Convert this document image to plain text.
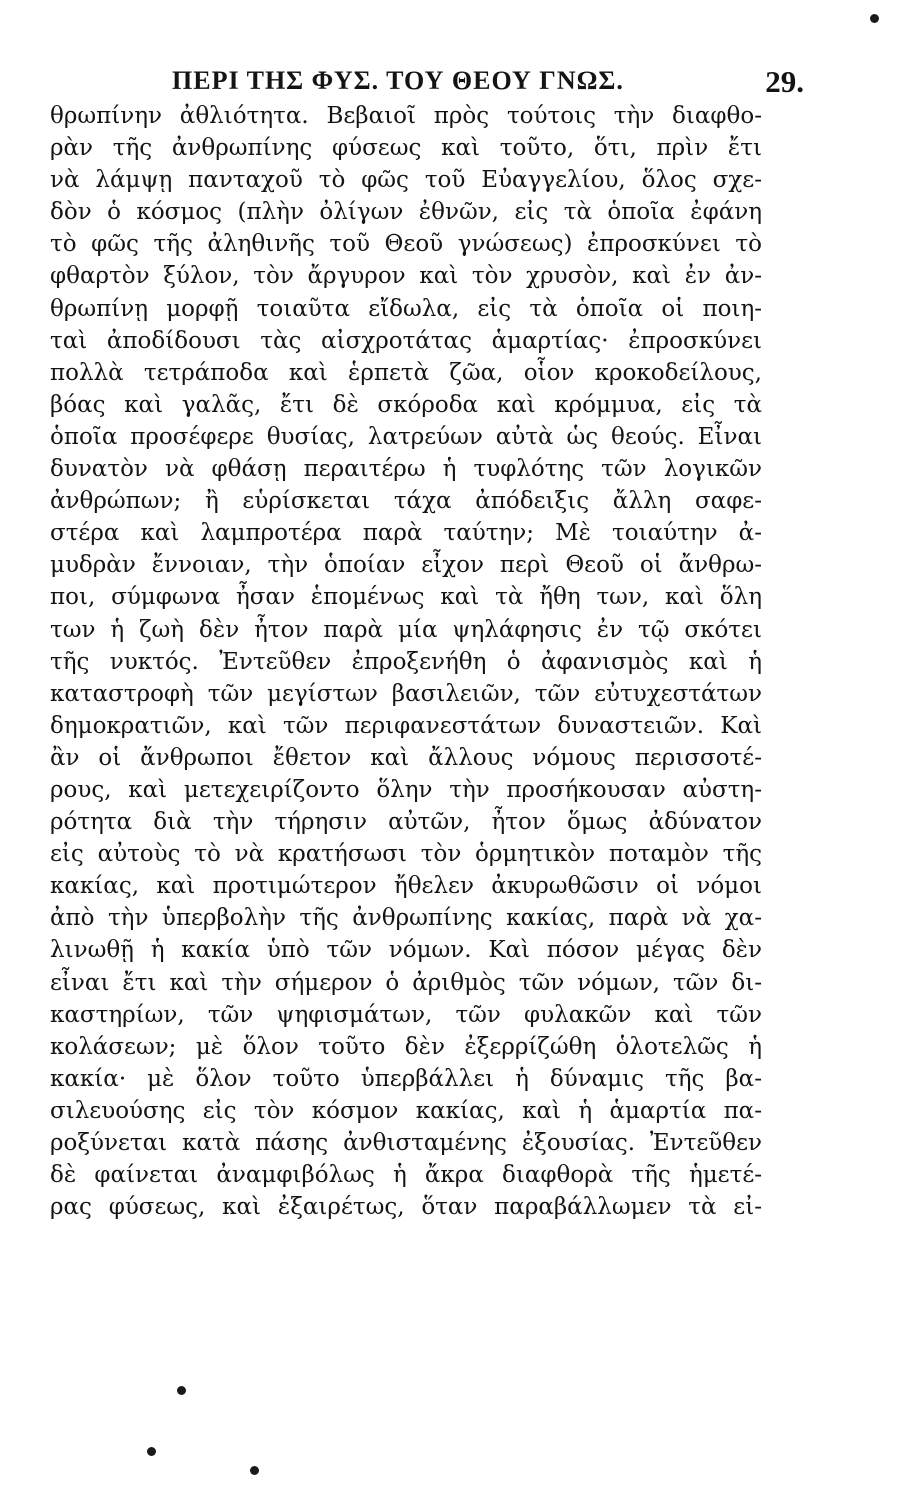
ΠΕΡΙ ΤΗΣ ΦΥΣ. ΤΟΥ ΘΕΟΥ ΓΝΩΣ.	29.
θρωπίνην ἀθλιότητα. Βεβαιοῖ πρὸς τούτοις τὴν διαφθο-
ρὰν τῆς ἀνθρωπίνης φύσεως καὶ τοῦτο, ὅτι, πρὶν ἔτι
νὰ λάμψῃ πανταχοῦ τὸ φῶς τοῦ Εὐαγγελίου, ὅλος σχε-
δὸν ὁ κόσμος (πλὴν ὀλίγων ἐθνῶν, εἰς τὰ ὁποῖα ἐφάνη
τὸ φῶς τῆς ἀληθινῆς τοῦ Θεοῦ γνώσεως) ἐπροσκύνει τὸ
φθαρτὸν ξύλον, τὸν ἄργυρον καὶ τὸν χρυσὸν, καὶ ἐν ἀν-
θρωπίνῃ μορφῇ τοιαῦτα εἴδωλα, εἰς τὰ ὁποῖα οἱ ποιη-
ταὶ ἀποδίδουσι τὰς αἰσχροτάτας ἁμαρτίας· ἐπροσκύνει
πολλὰ τετράποδα καὶ ἑρπετὰ ζῶα, οἷον κροκοδείλους,
βόας καὶ γαλᾶς, ἔτι δὲ σκόροδα καὶ κρόμμυα, εἰς τὰ
ὁποῖα προσέφερε θυσίας, λατρεύων αὐτὰ ὡς θεούς. Εἶναι
δυνατὸν νὰ φθάσῃ περαιτέρω ἡ τυφλότης τῶν λογικῶν
ἀνθρώπων; ἢ εὑρίσκεται τάχα ἀπόδειξις ἄλλη σαφε-
στέρα καὶ λαμπροτέρα παρὰ ταύτην; Μὲ τοιαύτην ἀ-
μυδρὰν ἔννοιαν, τὴν ὁποίαν εἶχον περὶ Θεοῦ οἱ ἄνθρω-
ποι, σύμφωνα ἦσαν ἑπομένως καὶ τὰ ἤθη των, καὶ ὅλη
των ἡ ζωὴ δὲν ἦτον παρὰ μία ψηλάφησις ἐν τῷ σκότει
τῆς νυκτός. Ἐντεῦθεν ἐπροξενήθη ὁ ἀφανισμὸς καὶ ἡ
καταστροφὴ τῶν μεγίστων βασιλειῶν, τῶν εὐτυχεστάτων
δημοκρατιῶν, καὶ τῶν περιφανεστάτων δυναστειῶν. Καὶ
ἂν οἱ ἄνθρωποι ἔθετον καὶ ἄλλους νόμους περισσοτέ-
ρους, καὶ μετεχειρίζοντο ὅλην τὴν προσήκουσαν αὐστη-
ρότητα διὰ τὴν τήρησιν αὐτῶν, ἦτον ὅμως ἀδύνατον
εἰς αὐτοὺς τὸ νὰ κρατήσωσι τὸν ὁρμητικὸν ποταμὸν τῆς
κακίας, καὶ προτιμώτερον ἤθελεν ἀκυρωθῶσιν οἱ νόμοι
ἀπὸ τὴν ὑπερβολὴν τῆς ἀνθρωπίνης κακίας, παρὰ νὰ χα-
λινωθῇ ἡ κακία ὑπὸ τῶν νόμων. Καὶ πόσον μέγας δὲν
εἶναι ἔτι καὶ τὴν σήμερον ὁ ἀριθμὸς τῶν νόμων, τῶν δι-
καστηρίων, τῶν ψηφισμάτων, τῶν φυλακῶν καὶ τῶν
κολάσεων; μὲ ὅλον τοῦτο δὲν ἐξερρίζώθη ὁλοτελῶς ἡ
κακία· μὲ ὅλον τοῦτο ὑπερβάλλει ἡ δύναμις τῆς βα-
σιλευούσης εἰς τὸν κόσμον κακίας, καὶ ἡ ἁμαρτία πα-
ροξύνεται κατὰ πάσης ἀνθισταμένης ἐξουσίας. Ἐντεῦθεν
δὲ φαίνεται ἀναμφιβόλως ἡ ἄκρα διαφθορὰ τῆς ἡμετέ-
ρας φύσεως, καὶ ἐξαιρέτως, ὅταν παραβάλλωμεν τὰ εἰ-
